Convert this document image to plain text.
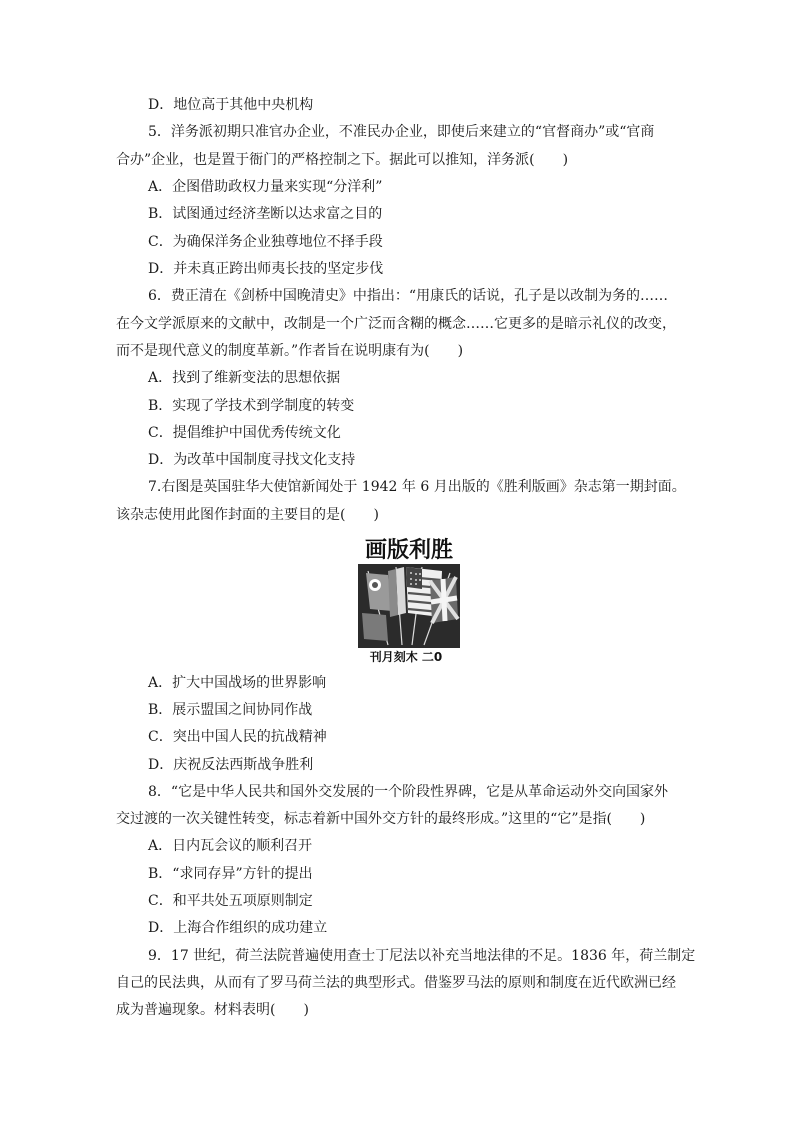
D．地位高于其他中央机构
5．洋务派初期只准官办企业，不准民办企业，即使后来建立的“官督商办”或“官商
合办”企业，也是置于衙门的严格控制之下。据此可以推知，洋务派(　　)
A．企图借助政权力量来实现“分洋利”
B．试图通过经济垄断以达求富之目的
C．为确保洋务企业独尊地位不择手段
D．并未真正跨出师夷长技的坚定步伐
6．费正清在《剑桥中国晚清史》中指出：“用康氏的话说，孔子是以改制为务的……
在今文学派原来的文献中，改制是一个广泛而含糊的概念……它更多的是暗示礼仪的改变，
而不是现代意义的制度革新。”作者旨在说明康有为(　　)
A．找到了维新变法的思想依据
B．实现了学技术到学制度的转变
C．提倡维护中国优秀传统文化
D．为改革中国制度寻找文化支持
7.右图是英国驻华大使馆新闻处于 1942 年 6 月出版的《胜利版画》杂志第一期封面。
该杂志使用此图作封面的主要目的是(　　)
画版利胜
刊月刻木 二0
A．扩大中国战场的世界影响
B．展示盟国之间协同作战
C．突出中国人民的抗战精神
D．庆祝反法西斯战争胜利
8．“它是中华人民共和国外交发展的一个阶段性界碑，它是从革命运动外交向国家外
交过渡的一次关键性转变，标志着新中国外交方针的最终形成。”这里的“它”是指(　　)
A．日内瓦会议的顺利召开
B．“求同存异”方针的提出
C．和平共处五项原则制定
D．上海合作组织的成功建立
9．17 世纪，荷兰法院普遍使用查士丁尼法以补充当地法律的不足。1836 年，荷兰制定
自己的民法典，从而有了罗马荷兰法的典型形式。借鉴罗马法的原则和制度在近代欧洲已经
成为普遍现象。材料表明(　　)
